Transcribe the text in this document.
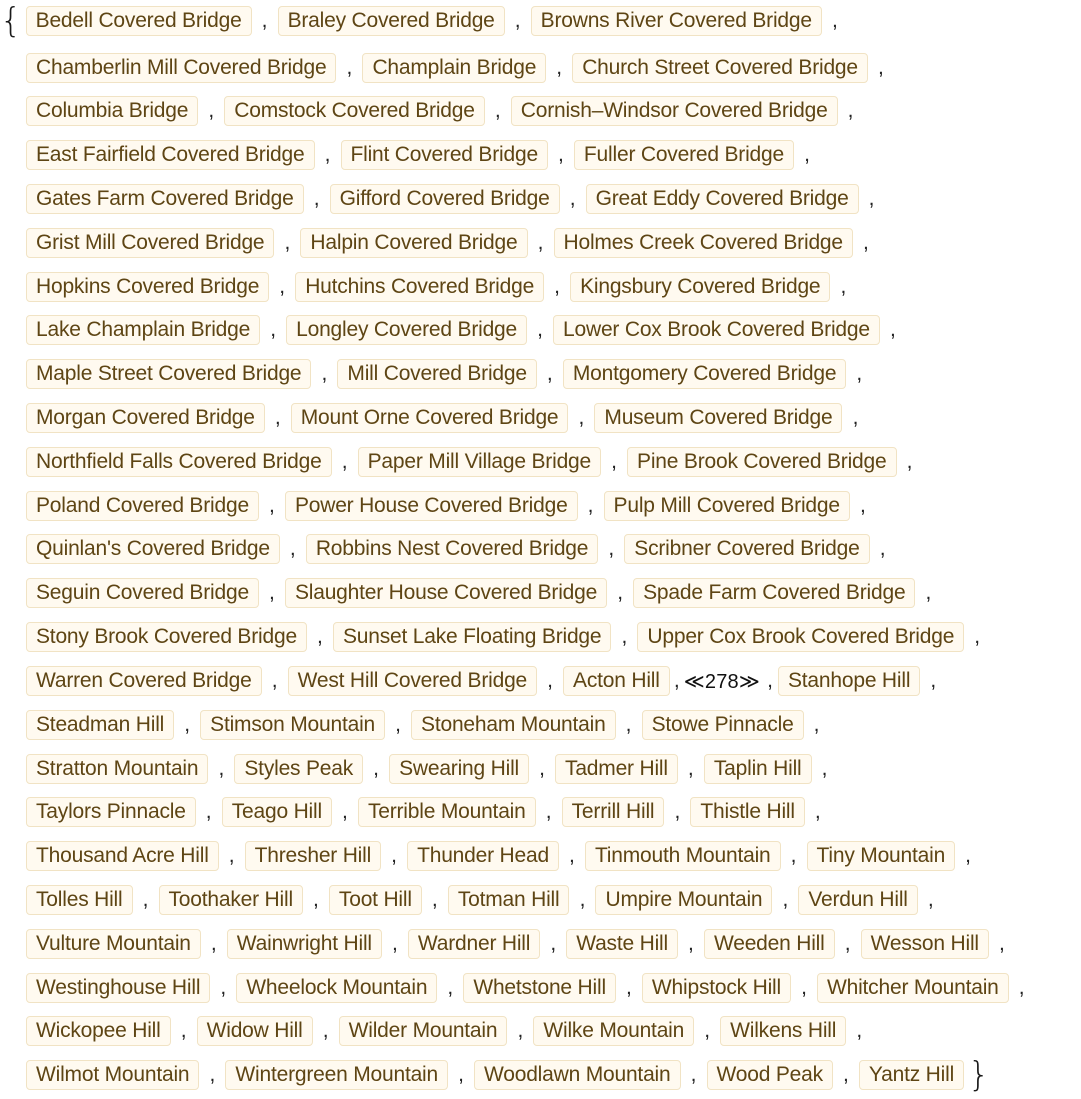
{ Bedell Covered Bridge , Braley Covered Bridge , Browns River Covered Bridge ,
Chamberlin Mill Covered Bridge , Champlain Bridge , Church Street Covered Bridge ,
Columbia Bridge , Comstock Covered Bridge , Cornish–Windsor Covered Bridge ,
East Fairfield Covered Bridge , Flint Covered Bridge , Fuller Covered Bridge ,
Gates Farm Covered Bridge , Gifford Covered Bridge , Great Eddy Covered Bridge ,
Grist Mill Covered Bridge , Halpin Covered Bridge , Holmes Creek Covered Bridge ,
Hopkins Covered Bridge , Hutchins Covered Bridge , Kingsbury Covered Bridge ,
Lake Champlain Bridge , Longley Covered Bridge , Lower Cox Brook Covered Bridge ,
Maple Street Covered Bridge , Mill Covered Bridge , Montgomery Covered Bridge ,
Morgan Covered Bridge , Mount Orne Covered Bridge , Museum Covered Bridge ,
Northfield Falls Covered Bridge , Paper Mill Village Bridge , Pine Brook Covered Bridge ,
Poland Covered Bridge , Power House Covered Bridge , Pulp Mill Covered Bridge ,
Quinlan's Covered Bridge , Robbins Nest Covered Bridge , Scribner Covered Bridge ,
Seguin Covered Bridge , Slaughter House Covered Bridge , Spade Farm Covered Bridge ,
Stony Brook Covered Bridge , Sunset Lake Floating Bridge , Upper Cox Brook Covered Bridge ,
Warren Covered Bridge , West Hill Covered Bridge , Acton Hill , ≪278≫ , Stanhope Hill ,
Steadman Hill , Stimson Mountain , Stoneham Mountain , Stowe Pinnacle ,
Stratton Mountain , Styles Peak , Swearing Hill , Tadmer Hill , Taplin Hill ,
Taylors Pinnacle , Teago Hill , Terrible Mountain , Terrill Hill , Thistle Hill ,
Thousand Acre Hill , Thresher Hill , Thunder Head , Tinmouth Mountain , Tiny Mountain ,
Tolles Hill , Toothaker Hill , Toot Hill , Totman Hill , Umpire Mountain , Verdun Hill ,
Vulture Mountain , Wainwright Hill , Wardner Hill , Waste Hill , Weeden Hill , Wesson Hill ,
Westinghouse Hill , Wheelock Mountain , Whetstone Hill , Whipstock Hill , Whitcher Mountain ,
Wickopee Hill , Widow Hill , Wilder Mountain , Wilke Mountain , Wilkens Hill ,
Wilmot Mountain , Wintergreen Mountain , Woodlawn Mountain , Wood Peak , Yantz Hill }
